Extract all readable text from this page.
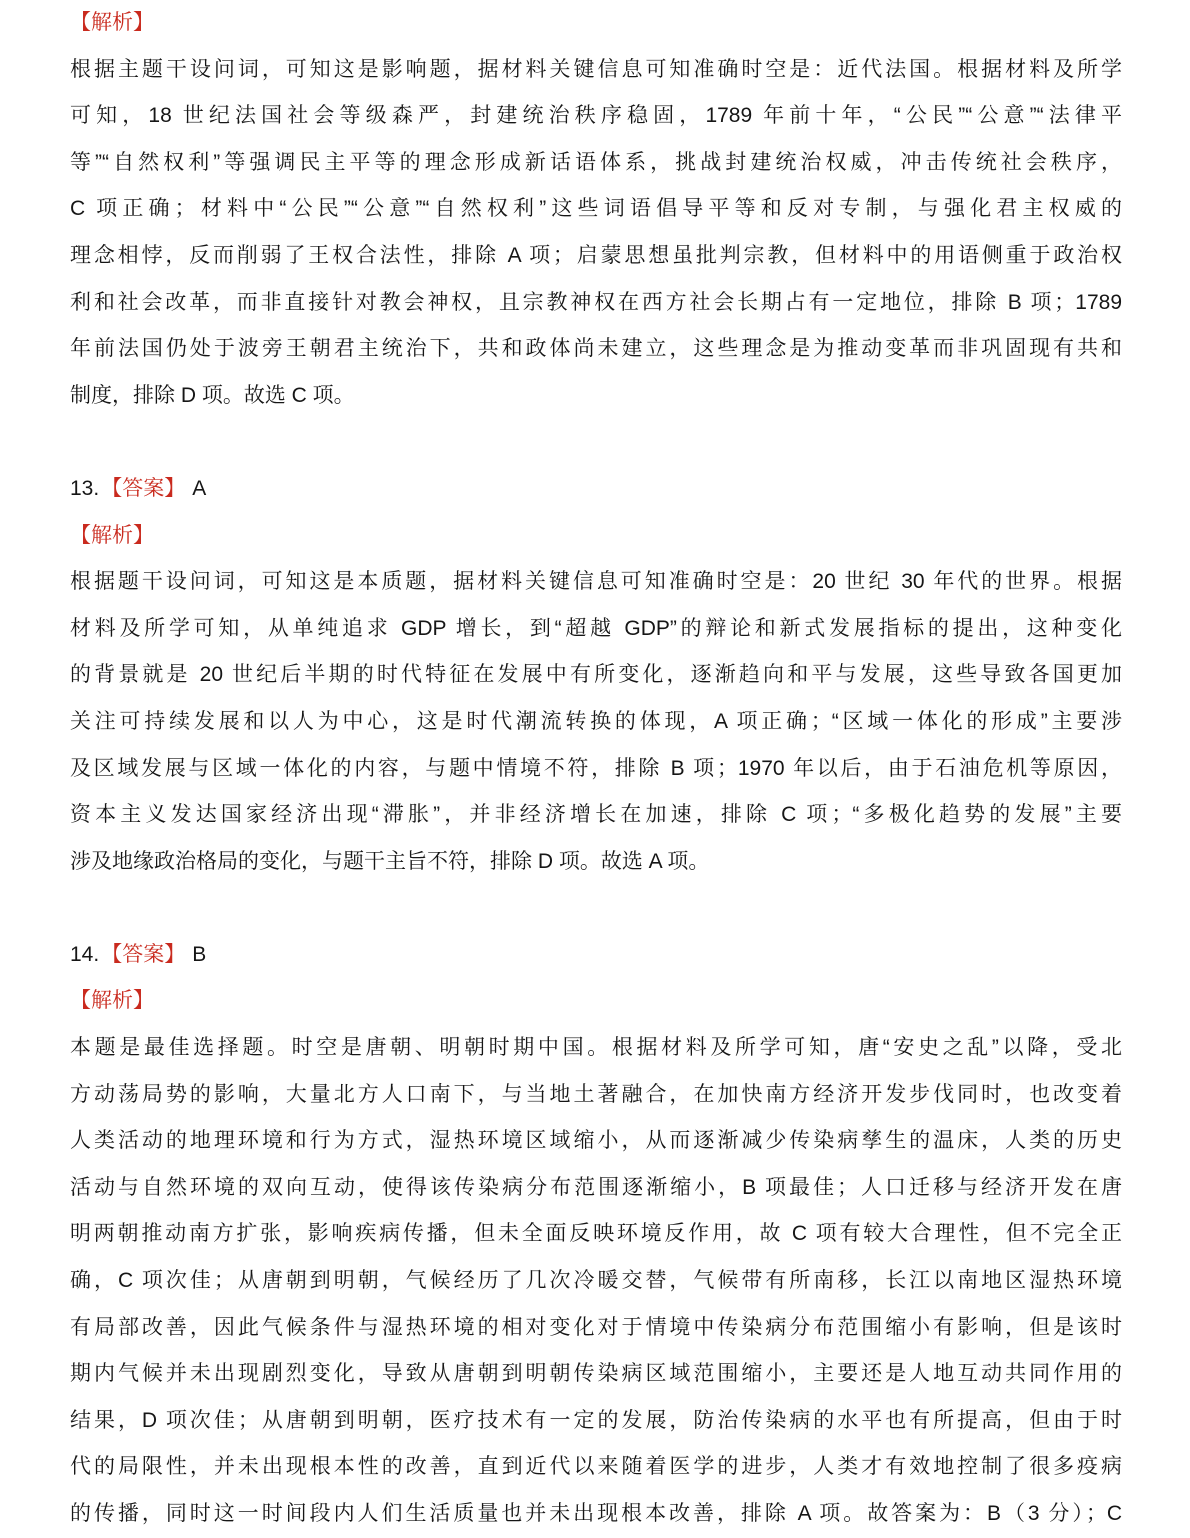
【解析】
根据主题干设问词，可知这是影响题，据材料关键信息可知准确时空是：近代法国。根据材料及所学
可知，18 世纪法国社会等级森严，封建统治秩序稳固，1789 年前十年，“公民”“公意”“法律平
等”“自然权利”等强调民主平等的理念形成新话语体系，挑战封建统治权威，冲击传统社会秩序，
C 项正确；材料中“公民”“公意”“自然权利”这些词语倡导平等和反对专制，与强化君主权威的
理念相悖，反而削弱了王权合法性，排除 A 项；启蒙思想虽批判宗教，但材料中的用语侧重于政治权
利和社会改革，而非直接针对教会神权，且宗教神权在西方社会长期占有一定地位，排除 B 项；1789
年前法国仍处于波旁王朝君主统治下，共和政体尚未建立，这些理念是为推动变革而非巩固现有共和
制度，排除 D 项。故选 C 项。
13.【答案】 A
【解析】
根据题干设问词，可知这是本质题，据材料关键信息可知准确时空是：20 世纪 30 年代的世界。根据
材料及所学可知，从单纯追求 GDP 增长，到“超越 GDP”的辩论和新式发展指标的提出，这种变化
的背景就是 20 世纪后半期的时代特征在发展中有所变化，逐渐趋向和平与发展，这些导致各国更加
关注可持续发展和以人为中心，这是时代潮流转换的体现，A 项正确；“区域一体化的形成”主要涉
及区域发展与区域一体化的内容，与题中情境不符，排除 B 项；1970 年以后，由于石油危机等原因，
资本主义发达国家经济出现“滞胀”，并非经济增长在加速，排除 C 项；“多极化趋势的发展”主要
涉及地缘政治格局的变化，与题干主旨不符，排除 D 项。故选 A 项。
14.【答案】 B
【解析】
本题是最佳选择题。时空是唐朝、明朝时期中国。根据材料及所学可知，唐“安史之乱”以降，受北
方动荡局势的影响，大量北方人口南下，与当地土著融合，在加快南方经济开发步伐同时，也改变着
人类活动的地理环境和行为方式，湿热环境区域缩小，从而逐渐减少传染病孳生的温床，人类的历史
活动与自然环境的双向互动，使得该传染病分布范围逐渐缩小，B 项最佳；人口迁移与经济开发在唐
明两朝推动南方扩张，影响疾病传播，但未全面反映环境反作用，故 C 项有较大合理性，但不完全正
确，C 项次佳；从唐朝到明朝，气候经历了几次冷暖交替，气候带有所南移，长江以南地区湿热环境
有局部改善，因此气候条件与湿热环境的相对变化对于情境中传染病分布范围缩小有影响，但是该时
期内气候并未出现剧烈变化，导致从唐朝到明朝传染病区域范围缩小，主要还是人地互动共同作用的
结果，D 项次佳；从唐朝到明朝，医疗技术有一定的发展，防治传染病的水平也有所提高，但由于时
代的局限性，并未出现根本性的改善，直到近代以来随着医学的进步，人类才有效地控制了很多疫病
的传播，同时这一时间段内人们生活质量也并未出现根本改善，排除 A 项。故答案为：B（3 分）；C
